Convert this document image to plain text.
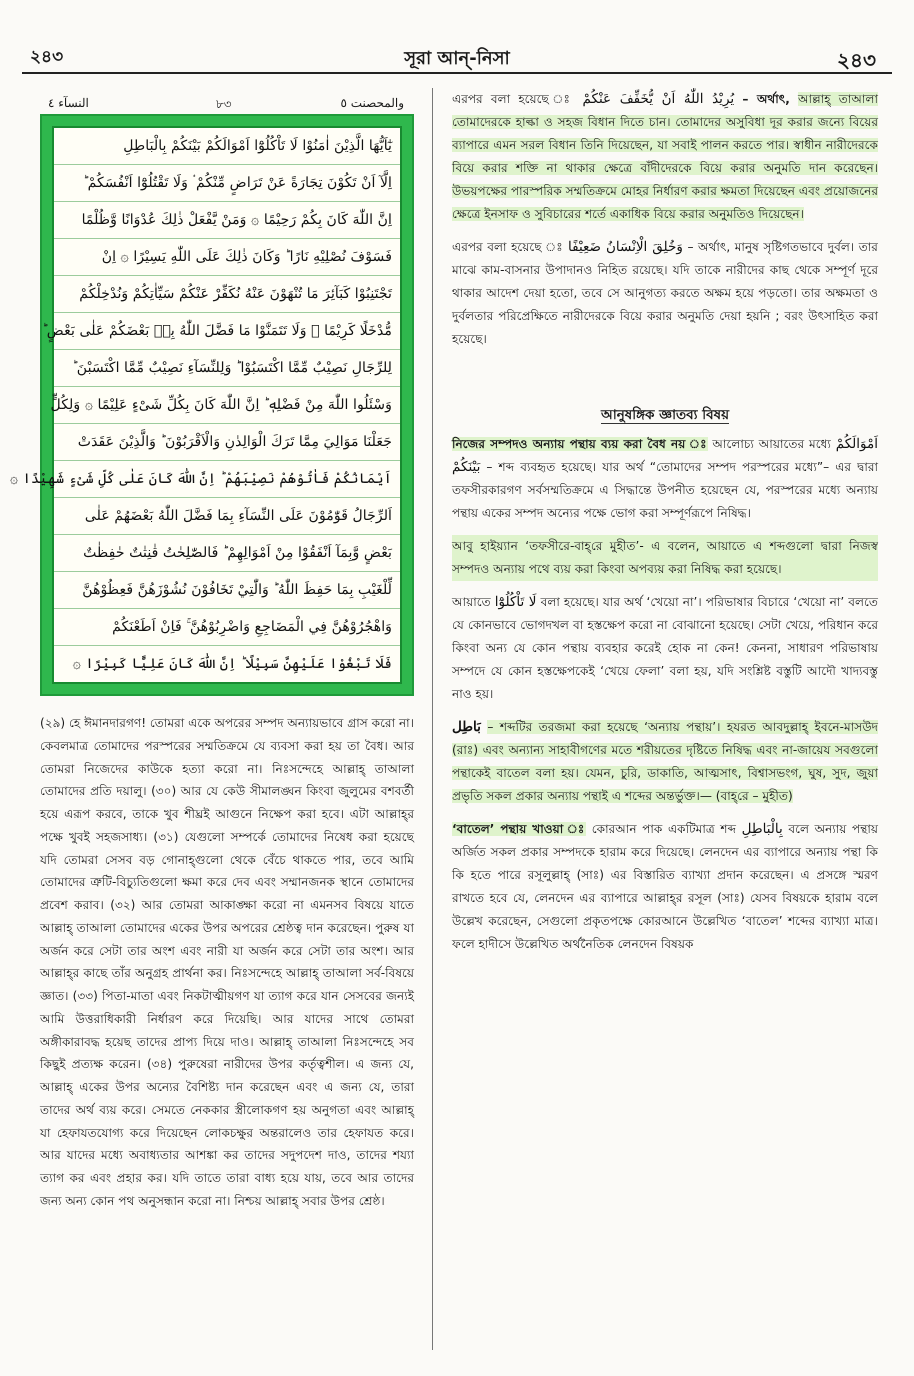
২৪৩	সূরা আন্-নিসা	২৪৩
والمحصنت ٥
৮৩
النسآء ٤
يٰٓاَيُّهَا الَّذِيْنَ اٰمَنُوْا لَا تَاْكُلُوْٓا اَمْوَالَكُمْ بَيْنَكُمْ بِالْبَاطِلِ
اِلَّآ اَنْ تَكُوْنَ تِجَارَةً عَنْ تَرَاضٍ مِّنْكُمْ ۟ وَلَا تَقْتُلُوْٓا اَنْفُسَكُمْ ؕ
اِنَّ اللّٰهَ كَانَ بِكُمْ رَحِيْمًا ۞ وَمَنْ يَّفْعَلْ ذٰلِكَ عُدْوَانًا وَّظُلْمًا
فَسَوْفَ نُصْلِيْهِ نَارًا ؕ وَكَانَ ذٰلِكَ عَلَى اللّٰهِ يَسِيْرًا ۞ اِنْ
تَجْتَنِبُوْا كَبَآئِرَ مَا تُنْهَوْنَ عَنْهُ نُكَفِّرْ عَنْكُمْ سَيِّاٰتِكُمْ وَنُدْخِلْكُمْ
مُّدْخَلًا كَرِيْمًا ۞ وَلَا تَتَمَنَّوْا مَا فَضَّلَ اللّٰهُ بِهٖ بَعْضَكُمْ عَلٰى بَعْضٍ ؕ
لِلرِّجَالِ نَصِيْبٌ مِّمَّا اكْتَسَبُوْا ؕ وَلِلنِّسَآءِ نَصِيْبٌ مِّمَّا اكْتَسَبْنَ ؕ
وَسْئَلُوا اللّٰهَ مِنْ فَضْلِهٖ ؕ اِنَّ اللّٰهَ كَانَ بِكُلِّ شَیْءٍ عَلِيْمًا ۞ وَلِكُلٍّ
جَعَلْنَا مَوَالِيَ مِمَّا تَرَكَ الْوَالِدٰنِ وَالْاَقْرَبُوْنَ ؕ وَالَّذِيْنَ عَقَدَتْ
اَيْمَانُكُمْ فَاٰتُوْهُمْ نَصِيْبَهُمْ ؕ اِنَّ اللّٰهَ كَانَ عَلٰى كُلِّ شَیْءٍ شَهِيْدًا ۞
اَلرِّجَالُ قَوّٰمُوْنَ عَلَى النِّسَآءِ بِمَا فَضَّلَ اللّٰهُ بَعْضَهُمْ عَلٰى
بَعْضٍ وَّبِمَآ اَنْفَقُوْا مِنْ اَمْوَالِهِمْ ؕ فَالصّٰلِحٰتُ قٰنِتٰتٌ حٰفِظٰتٌ
لِّلْغَيْبِ بِمَا حَفِظَ اللّٰهُ ؕ وَالّٰتِيْ تَخَافُوْنَ نُشُوْزَهُنَّ فَعِظُوْهُنَّ
وَاهْجُرُوْهُنَّ فِي الْمَضَاجِعِ وَاضْرِبُوْهُنَّ ۚ فَاِنْ اَطَعْنَكُمْ
فَلَا تَبْغُوْا عَلَيْهِنَّ سَبِيْلًا ؕ اِنَّ اللّٰهَ كَانَ عَلِيًّا كَبِيْرًا ۞

(২৯) হে ঈমানদারগণ! তোমরা একে অপরের সম্পদ অন্যায়ভাবে গ্রাস করো না। কেবলমাত্র তোমাদের পরস্পরের সম্মতিক্রমে যে ব্যবসা করা হয় তা বৈধ। আর তোমরা নিজেদের কাউকে হত্যা করো না। নিঃসন্দেহে আল্লাহ্ তাআলা তোমাদের প্রতি দয়ালু। (৩০) আর যে কেউ সীমালঙ্ঘন কিংবা জুলুমের বশবর্তী হয়ে এরূপ করবে, তাকে খুব শীঘ্রই আগুনে নিক্ষেপ করা হবে। এটা আল্লাহ্‌র পক্ষে খুবই সহজসাধ্য। (৩১) যেগুলো সম্পর্কে তোমাদের নিষেধ করা হয়েছে যদি তোমরা সেসব বড় গোনাহ্‌গুলো থেকে বেঁচে থাকতে পার, তবে আমি তোমাদের ত্রুটি-বিচ্যুতিগুলো ক্ষমা করে দেব এবং সম্মানজনক স্থানে তোমাদের প্রবেশ করাব। (৩২) আর তোমরা আকাঙ্ক্ষা করো না এমনসব বিষয়ে যাতে আল্লাহ্ তাআলা তোমাদের একের উপর অপরের শ্রেষ্ঠত্ব দান করেছেন। পুরুষ যা অর্জন করে সেটা তার অংশ এবং নারী যা অর্জন করে সেটা তার অংশ। আর আল্লাহ্‌র কাছে তাঁর অনুগ্রহ প্রার্থনা কর। নিঃসন্দেহে আল্লাহ্ তাআলা সর্ব-বিষয়ে জ্ঞাত। (৩৩) পিতা-মাতা এবং নিকটাত্মীয়গণ যা ত্যাগ করে যান সেসবের জন্যই আমি উত্তরাধিকারী নির্ধারণ করে দিয়েছি। আর যাদের সাথে তোমরা অঙ্গীকারাবদ্ধ হয়েছ তাদের প্রাপ্য দিয়ে দাও। আল্লাহ্ তাআলা নিঃসন্দেহে সব কিছুই প্রত্যক্ষ করেন। (৩৪) পুরুষেরা নারীদের উপর কর্তৃত্বশীল। এ জন্য যে, আল্লাহ্ একের উপর অন্যের বৈশিষ্ট্য দান করেছেন এবং এ জন্য যে, তারা তাদের অর্থ ব্যয় করে। সেমতে নেককার স্ত্রীলোকগণ হয় অনুগতা এবং আল্লাহ্ যা হেফাযতযোগ্য করে দিয়েছেন লোকচক্ষুর অন্তরালেও তার হেফাযত করে। আর যাদের মধ্যে অবাধ্যতার আশঙ্কা কর তাদের সদুপদেশ দাও, তাদের শয্যা ত্যাগ কর এবং প্রহার কর। যদি তাতে তারা বাধ্য হয়ে যায়, তবে আর তাদের জন্য অন্য কোন পথ অনুসন্ধান করো না। নিশ্চয় আল্লাহ্ সবার উপর শ্রেষ্ঠ।

এরপর বলা হয়েছে ঃ يُرِيْدُ اللّٰهُ اَنْ يُّخَفِّفَ عَنْكُمْ – অর্থাৎ, আল্লাহ্ তাআলা তোমাদেরকে হাল্কা ও সহজ বিধান দিতে চান। তোমাদের অসুবিধা দূর করার জন্যে বিয়ের ব্যাপারে এমন সরল বিধান তিনি দিয়েছেন, যা সবাই পালন করতে পার। স্বাধীন নারীদেরকে বিয়ে করার শক্তি না থাকার ক্ষেত্রে বাঁদীদেরকে বিয়ে করার অনুমতি দান করেছেন। উভয়পক্ষের পারস্পরিক সম্মতিক্রমে মোহর নির্ধারণ করার ক্ষমতা দিয়েছেন এবং প্রয়োজনের ক্ষেত্রে ইনসাফ ও সুবিচারের শর্তে একাধিক বিয়ে করার অনুমতিও দিয়েছেন।

এরপর বলা হয়েছে ঃ وَخُلِقَ الْاِنْسَانُ ضَعِيْفًا – অর্থাৎ, মানুষ সৃষ্টিগতভাবে দুর্বল। তার মাঝে কাম-বাসনার উপাদানও নিহিত রয়েছে। যদি তাকে নারীদের কাছ থেকে সম্পূর্ণ দূরে থাকার আদেশ দেয়া হতো, তবে সে আনুগত্য করতে অক্ষম হয়ে পড়তো। তার অক্ষমতা ও দুর্বলতার পরিপ্রেক্ষিতে নারীদেরকে বিয়ে করার অনুমতি দেয়া হয়নি ; বরং উৎসাহিত করা হয়েছে।

আনুষঙ্গিক জ্ঞাতব্য বিষয়

নিজের সম্পদও অন্যায় পন্থায় ব্যয় করা বৈধ নয় ঃ আলোচ্য আয়াতের মধ্যে اَمْوَالَكُمْ بَيْنَكُمْ – শব্দ ব্যবহৃত হয়েছে। যার অর্থ “তোমাদের সম্পদ পরস্পরের মধ্যে”– এর দ্বারা তফসীরকারগণ সর্বসম্মতিক্রমে এ সিদ্ধান্তে উপনীত হয়েছেন যে, পরস্পরের মধ্যে অন্যায় পন্থায় একের সম্পদ অন্যের পক্ষে ভোগ করা সম্পূর্ণরূপে নিষিদ্ধ।

আবু হাইয়্যান ‘তফসীরে-বাহ্‌রে মুহীত’- এ বলেন, আয়াতে এ শব্দগুলো দ্বারা নিজস্ব সম্পদও অন্যায় পথে ব্যয় করা কিংবা অপব্যয় করা নিষিদ্ধ করা হয়েছে।

আয়াতে لَا تَاْكُلُوْٓا বলা হয়েছে। যার অর্থ ‘খেয়ো না’। পরিভাষার বিচারে ‘খেয়ো না’ বলতে যে কোনভাবে ভোগদখল বা হস্তক্ষেপ করো না বোঝানো হয়েছে। সেটা খেয়ে, পরিধান করে কিংবা অন্য যে কোন পন্থায় ব্যবহার করেই হোক না কেন! কেননা, সাধারণ পরিভাষায় সম্পদে যে কোন হস্তক্ষেপকেই ‘খেয়ে ফেলা’ বলা হয়, যদি সংশ্লিষ্ট বস্তুটি আদৌ খাদ্যবস্তু নাও হয়।

بَاطِل – শব্দটির তরজমা করা হয়েছে ‘অন্যায় পন্থায়’। হযরত আবদুল্লাহ্ ইবনে-মাসউদ (রাঃ) এবং অন্যান্য সাহাবীগণের মতে শরীয়তের দৃষ্টিতে নিষিদ্ধ এবং না-জায়েয সবগুলো পন্থাকেই বাতেল বলা হয়। যেমন, চুরি, ডাকাতি, আত্মসাৎ, বিশ্বাসভংগ, ঘুষ, সুদ, জুয়া প্রভৃতি সকল প্রকার অন্যায় পন্থাই এ শব্দের অন্তর্ভুক্ত।— (বাহ্‌রে – মুহীত)

‘বাতেল’ পন্থায় খাওয়া ঃ কোরআন পাক একটিমাত্র শব্দ بِالْبَاطِلِ বলে অন্যায় পন্থায় অর্জিত সকল প্রকার সম্পদকে হারাম করে দিয়েছে। লেনদেন এর ব্যাপারে অন্যায় পন্থা কি কি হতে পারে রসূলুল্লাহ্ (সাঃ) এর বিস্তারিত ব্যাখ্যা প্রদান করেছেন। এ প্রসঙ্গে স্মরণ রাখতে হবে যে, লেনদেন এর ব্যাপারে আল্লাহ্‌র রসূল (সাঃ) যেসব বিষয়কে হারাম বলে উল্লেখ করেছেন, সেগুলো প্রকৃতপক্ষে কোরআনে উল্লেখিত ‘বাতেল’ শব্দের ব্যাখ্যা মাত্র। ফলে হাদীসে উল্লেখিত অর্থনৈতিক লেনদেন বিষয়ক
